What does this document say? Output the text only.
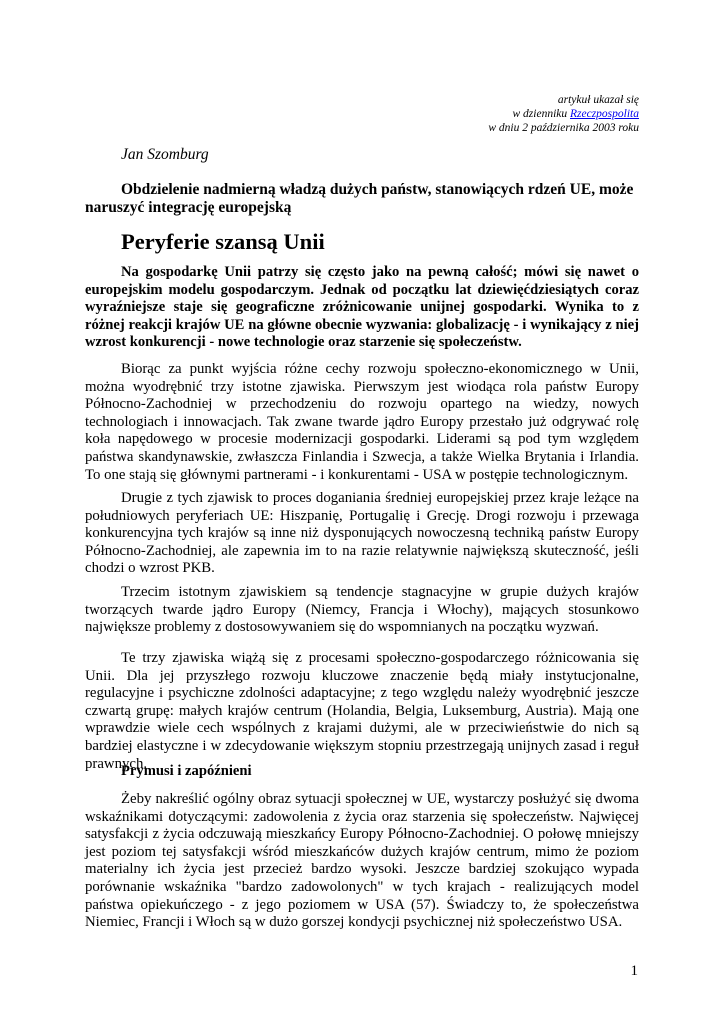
artykuł ukazał się
w dzienniku Rzeczpospolita
w dniu 2 października 2003 roku
Jan Szomburg
Obdzielenie nadmierną władzą dużych państw, stanowiących rdzeń UE, może naruszyć integrację europejską
Peryferie szansą Unii
Na gospodarkę Unii patrzy się często jako na pewną całość; mówi się nawet o europejskim modelu gospodarczym. Jednak od początku lat dziewięćdziesiątych coraz wyraźniejsze staje się geograficzne zróżnicowanie unijnej gospodarki. Wynika to z różnej reakcji krajów UE na główne obecnie wyzwania: globalizację - i wynikający z niej wzrost konkurencji - nowe technologie oraz starzenie się społeczeństw.
Biorąc za punkt wyjścia różne cechy rozwoju społeczno-ekonomicznego w Unii, można wyodrębnić trzy istotne zjawiska. Pierwszym jest wiodąca rola państw Europy Północno-Zachodniej w przechodzeniu do rozwoju opartego na wiedzy, nowych technologiach i innowacjach. Tak zwane twarde jądro Europy przestało już odgrywać rolę koła napędowego w procesie modernizacji gospodarki. Liderami są pod tym względem państwa skandynawskie, zwłaszcza Finlandia i Szwecja, a także Wielka Brytania i Irlandia. To one stają się głównymi partnerami - i konkurentami - USA w postępie technologicznym.
Drugie z tych zjawisk to proces doganiania średniej europejskiej przez kraje leżące na południowych peryferiach UE: Hiszpanię, Portugalię i Grecję. Drogi rozwoju i przewaga konkurencyjna tych krajów są inne niż dysponujących nowoczesną techniką państw Europy Północno-Zachodniej, ale zapewnia im to na razie relatywnie największą skuteczność, jeśli chodzi o wzrost PKB.
Trzecim istotnym zjawiskiem są tendencje stagnacyjne w grupie dużych krajów tworzących twarde jądro Europy (Niemcy, Francja i Włochy), mających stosunkowo największe problemy z dostosowywaniem się do wspomnianych na początku wyzwań.
Te trzy zjawiska wiążą się z procesami społeczno-gospodarczego różnicowania się Unii. Dla jej przyszłego rozwoju kluczowe znaczenie będą miały instytucjonalne, regulacyjne i psychiczne zdolności adaptacyjne; z tego względu należy wyodrębnić jeszcze czwartą grupę: małych krajów centrum (Holandia, Belgia, Luksemburg, Austria). Mają one wprawdzie wiele cech wspólnych z krajami dużymi, ale w przeciwieństwie do nich są bardziej elastyczne i w zdecydowanie większym stopniu przestrzegają unijnych zasad i reguł prawnych.
Prymusi i zapóźnieni
Żeby nakreślić ogólny obraz sytuacji społecznej w UE, wystarczy posłużyć się dwoma wskaźnikami dotyczącymi: zadowolenia z życia oraz starzenia się społeczeństw. Najwięcej satysfakcji z życia odczuwają mieszkańcy Europy Północno-Zachodniej. O połowę mniejszy jest poziom tej satysfakcji wśród mieszkańców dużych krajów centrum, mimo że poziom materialny ich życia jest przecież bardzo wysoki. Jeszcze bardziej szokująco wypada porównanie wskaźnika "bardzo zadowolonych" w tych krajach - realizujących model państwa opiekuńczego - z jego poziomem w USA (57). Świadczy to, że społeczeństwa Niemiec, Francji i Włoch są w dużo gorszej kondycji psychicznej niż społeczeństwo USA.
1
